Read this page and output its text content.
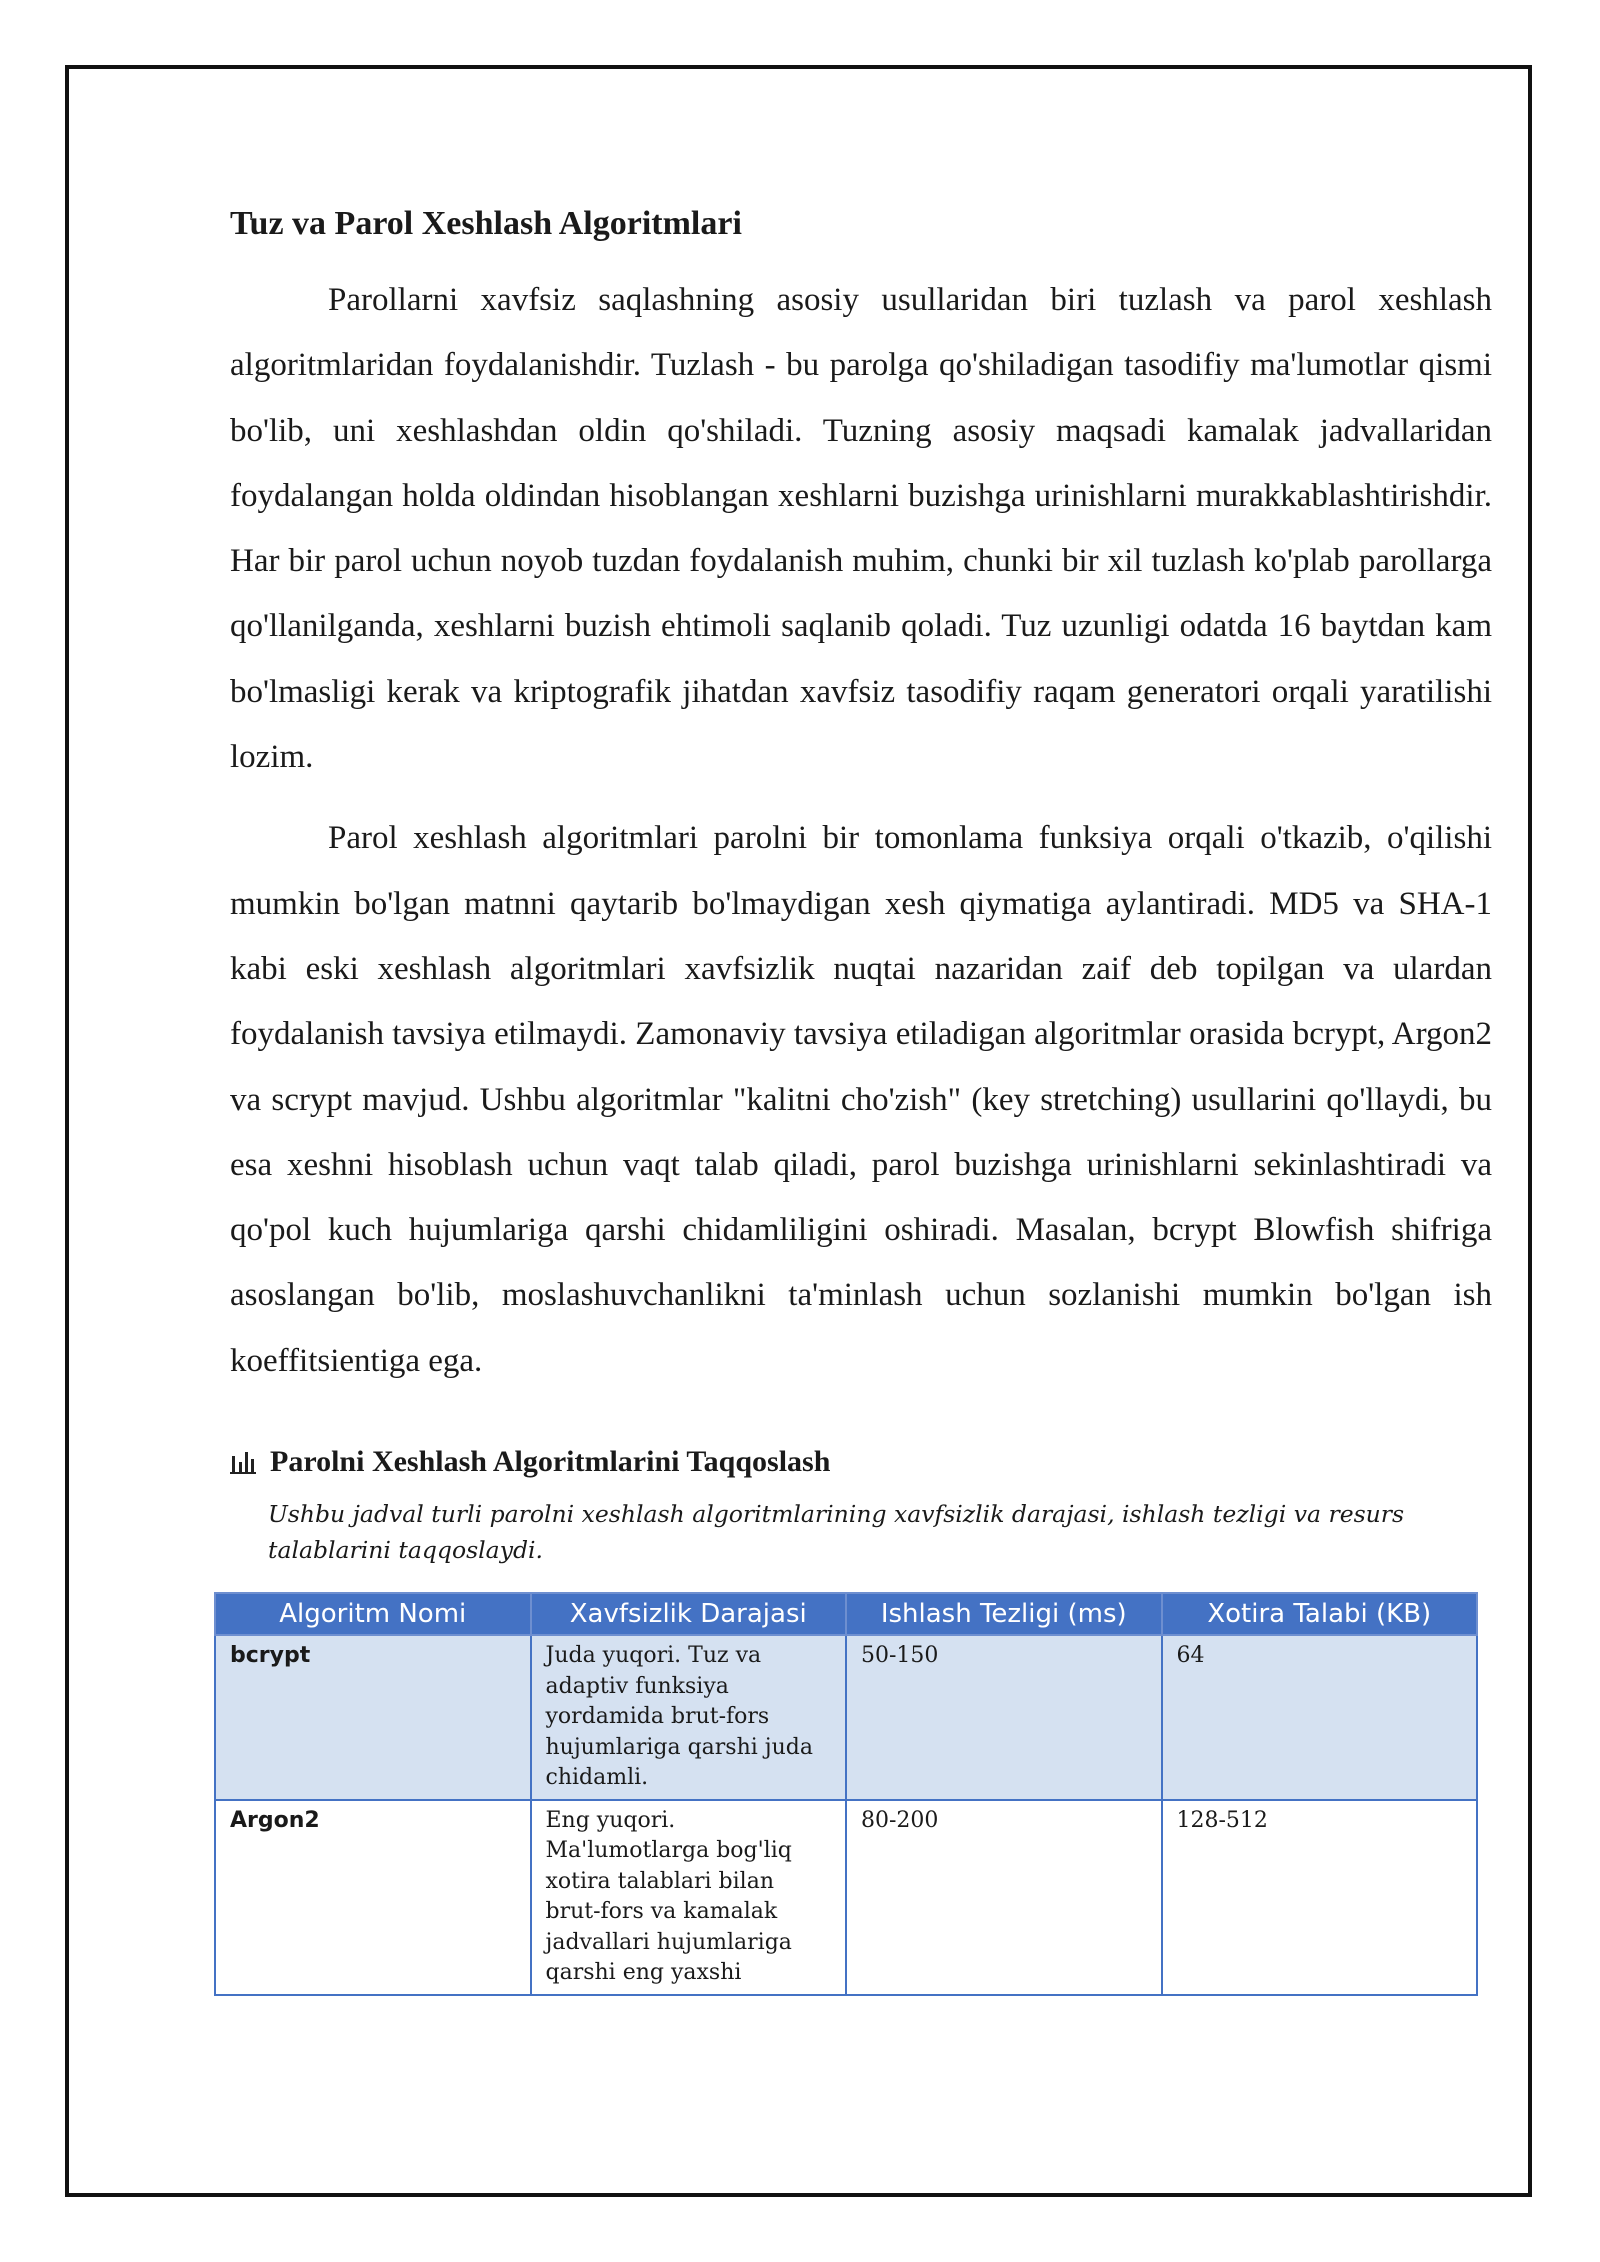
Tuz va Parol Xeshlash Algoritmlari

Parollarni xavfsiz saqlashning asosiy usullaridan biri tuzlash va parol xeshlash algoritmlaridan foydalanishdir. Tuzlash - bu parolga qo'shiladigan tasodifiy ma'lumotlar qismi bo'lib, uni xeshlashdan oldin qo'shiladi. Tuzning asosiy maqsadi kamalak jadvallaridan foydalangan holda oldindan hisoblangan xeshlarni buzishga urinishlarni murakkablashtirishdir. Har bir parol uchun noyob tuzdan foydalanish muhim, chunki bir xil tuzlash ko'plab parollarga qo'llanilganda, xeshlarni buzish ehtimoli saqlanib qoladi. Tuz uzunligi odatda 16 baytdan kam bo'lmasligi kerak va kriptografik jihatdan xavfsiz tasodifiy raqam generatori orqali yaratilishi lozim.

Parol xeshlash algoritmlari parolni bir tomonlama funksiya orqali o'tkazib, o'qilishi mumkin bo'lgan matnni qaytarib bo'lmaydigan xesh qiymatiga aylantiradi. MD5 va SHA-1 kabi eski xeshlash algoritmlari xavfsizlik nuqtai nazaridan zaif deb topilgan va ulardan foydalanish tavsiya etilmaydi. Zamonaviy tavsiya etiladigan algoritmlar orasida bcrypt, Argon2 va scrypt mavjud. Ushbu algoritmlar "kalitni cho'zish" (key stretching) usullarini qo'llaydi, bu esa xeshni hisoblash uchun vaqt talab qiladi, parol buzishga urinishlarni sekinlashtiradi va qo'pol kuch hujumlariga qarshi chidamliligini oshiradi. Masalan, bcrypt Blowfish shifriga asoslangan bo'lib, moslashuvchanlikni ta'minlash uchun sozlanishi mumkin bo'lgan ish koeffitsientiga ega.

Parolni Xeshlash Algoritmlarini Taqqoslash
Ushbu jadval turli parolni xeshlash algoritmlarining xavfsizlik darajasi, ishlash tezligi va resurs talablarini taqqoslaydi.
Algoritm Nomi	Xavfsizlik Darajasi	Ishlash Tezligi (ms)	Xotira Talabi (KB)
bcrypt	Juda yuqori. Tuz va adaptiv funksiya yordamida brut-fors hujumlariga qarshi juda chidamli.	50-150	64
Argon2	Eng yuqori. Ma'lumotlarga bog'liq xotira talablari bilan brut-fors va kamalak jadvallari hujumlariga qarshi eng yaxshi	80-200	128-512
